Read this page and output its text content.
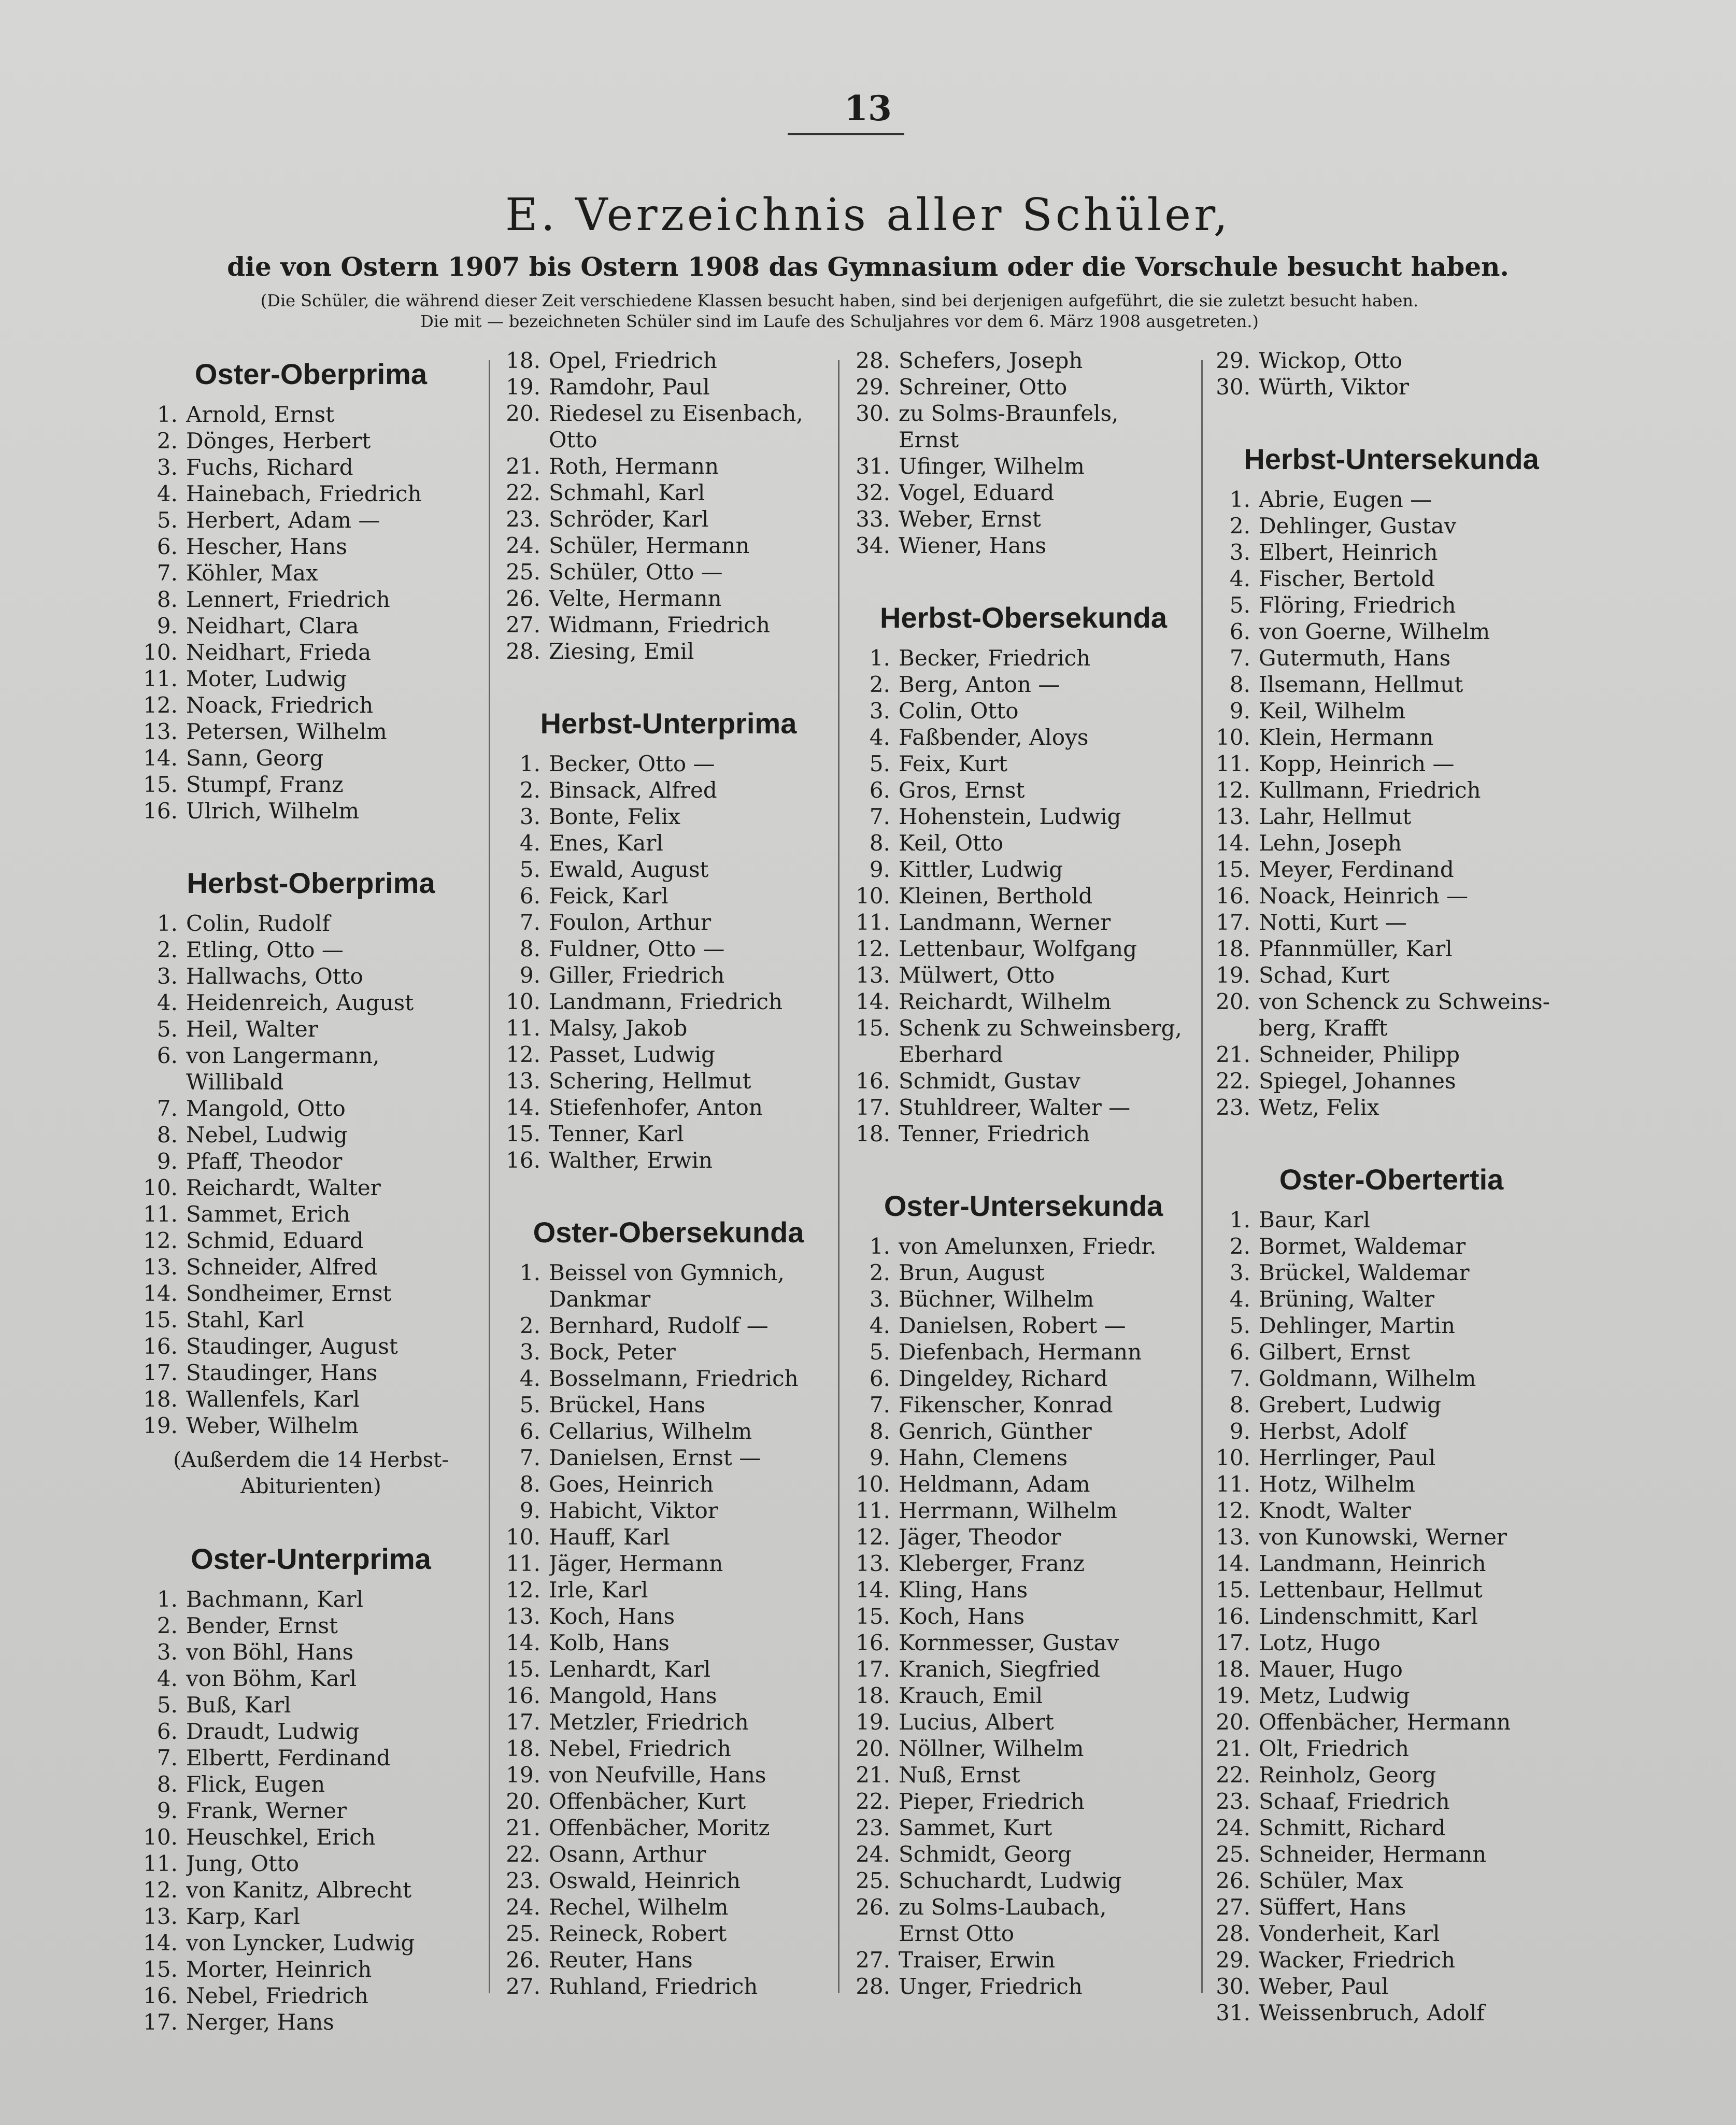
13
E. Verzeichnis aller Schüler,
die von Ostern 1907 bis Ostern 1908 das Gymnasium oder die Vorschule besucht haben.
(Die Schüler, die während dieser Zeit verschiedene Klassen besucht haben, sind bei derjenigen aufgeführt, die sie zuletzt besucht haben.
Die mit — bezeichneten Schüler sind im Laufe des Schuljahres vor dem 6. März 1908 ausgetreten.)
Oster-Oberprima
1. Arnold, Ernst
2. Dönges, Herbert
3. Fuchs, Richard
4. Hainebach, Friedrich
5. Herbert, Adam —
6. Hescher, Hans
7. Köhler, Max
8. Lennert, Friedrich
9. Neidhart, Clara
10. Neidhart, Frieda
11. Moter, Ludwig
12. Noack, Friedrich
13. Petersen, Wilhelm
14. Sann, Georg
15. Stumpf, Franz
16. Ulrich, Wilhelm
Herbst-Oberprima
1. Colin, Rudolf
2. Etling, Otto —
3. Hallwachs, Otto
4. Heidenreich, August
5. Heil, Walter
6. von Langermann,
Willibald
7. Mangold, Otto
8. Nebel, Ludwig
9. Pfaff, Theodor
10. Reichardt, Walter
11. Sammet, Erich
12. Schmid, Eduard
13. Schneider, Alfred
14. Sondheimer, Ernst
15. Stahl, Karl
16. Staudinger, August
17. Staudinger, Hans
18. Wallenfels, Karl
19. Weber, Wilhelm
(Außerdem die 14 Herbst-
Abiturienten)
Oster-Unterprima
1. Bachmann, Karl
2. Bender, Ernst
3. von Böhl, Hans
4. von Böhm, Karl
5. Buß, Karl
6. Draudt, Ludwig
7. Elbertt, Ferdinand
8. Flick, Eugen
9. Frank, Werner
10. Heuschkel, Erich
11. Jung, Otto
12. von Kanitz, Albrecht
13. Karp, Karl
14. von Lyncker, Ludwig
15. Morter, Heinrich
16. Nebel, Friedrich
17. Nerger, Hans
18. Opel, Friedrich
19. Ramdohr, Paul
20. Riedesel zu Eisenbach,
Otto
21. Roth, Hermann
22. Schmahl, Karl
23. Schröder, Karl
24. Schüler, Hermann
25. Schüler, Otto —
26. Velte, Hermann
27. Widmann, Friedrich
28. Ziesing, Emil
Herbst-Unterprima
1. Becker, Otto —
2. Binsack, Alfred
3. Bonte, Felix
4. Enes, Karl
5. Ewald, August
6. Feick, Karl
7. Foulon, Arthur
8. Fuldner, Otto —
9. Giller, Friedrich
10. Landmann, Friedrich
11. Malsy, Jakob
12. Passet, Ludwig
13. Schering, Hellmut
14. Stiefenhofer, Anton
15. Tenner, Karl
16. Walther, Erwin
Oster-Obersekunda
1. Beissel von Gymnich,
Dankmar
2. Bernhard, Rudolf —
3. Bock, Peter
4. Bosselmann, Friedrich
5. Brückel, Hans
6. Cellarius, Wilhelm
7. Danielsen, Ernst —
8. Goes, Heinrich
9. Habicht, Viktor
10. Hauff, Karl
11. Jäger, Hermann
12. Irle, Karl
13. Koch, Hans
14. Kolb, Hans
15. Lenhardt, Karl
16. Mangold, Hans
17. Metzler, Friedrich
18. Nebel, Friedrich
19. von Neufville, Hans
20. Offenbächer, Kurt
21. Offenbächer, Moritz
22. Osann, Arthur
23. Oswald, Heinrich
24. Rechel, Wilhelm
25. Reineck, Robert
26. Reuter, Hans
27. Ruhland, Friedrich
28. Schefers, Joseph
29. Schreiner, Otto
30. zu Solms-Braunfels,
Ernst
31. Ufinger, Wilhelm
32. Vogel, Eduard
33. Weber, Ernst
34. Wiener, Hans
Herbst-Obersekunda
1. Becker, Friedrich
2. Berg, Anton —
3. Colin, Otto
4. Faßbender, Aloys
5. Feix, Kurt
6. Gros, Ernst
7. Hohenstein, Ludwig
8. Keil, Otto
9. Kittler, Ludwig
10. Kleinen, Berthold
11. Landmann, Werner
12. Lettenbaur, Wolfgang
13. Mülwert, Otto
14. Reichardt, Wilhelm
15. Schenk zu Schweinsberg,
Eberhard
16. Schmidt, Gustav
17. Stuhldreer, Walter —
18. Tenner, Friedrich
Oster-Untersekunda
1. von Amelunxen, Friedr.
2. Brun, August
3. Büchner, Wilhelm
4. Danielsen, Robert —
5. Diefenbach, Hermann
6. Dingeldey, Richard
7. Fikenscher, Konrad
8. Genrich, Günther
9. Hahn, Clemens
10. Heldmann, Adam
11. Herrmann, Wilhelm
12. Jäger, Theodor
13. Kleberger, Franz
14. Kling, Hans
15. Koch, Hans
16. Kornmesser, Gustav
17. Kranich, Siegfried
18. Krauch, Emil
19. Lucius, Albert
20. Nöllner, Wilhelm
21. Nuß, Ernst
22. Pieper, Friedrich
23. Sammet, Kurt
24. Schmidt, Georg
25. Schuchardt, Ludwig
26. zu Solms-Laubach,
Ernst Otto
27. Traiser, Erwin
28. Unger, Friedrich
29. Wickop, Otto
30. Würth, Viktor
Herbst-Untersekunda
1. Abrie, Eugen —
2. Dehlinger, Gustav
3. Elbert, Heinrich
4. Fischer, Bertold
5. Flöring, Friedrich
6. von Goerne, Wilhelm
7. Gutermuth, Hans
8. Ilsemann, Hellmut
9. Keil, Wilhelm
10. Klein, Hermann
11. Kopp, Heinrich —
12. Kullmann, Friedrich
13. Lahr, Hellmut
14. Lehn, Joseph
15. Meyer, Ferdinand
16. Noack, Heinrich —
17. Notti, Kurt —
18. Pfannmüller, Karl
19. Schad, Kurt
20. von Schenck zu Schweins-
berg, Krafft
21. Schneider, Philipp
22. Spiegel, Johannes
23. Wetz, Felix
Oster-Obertertia
1. Baur, Karl
2. Bormet, Waldemar
3. Brückel, Waldemar
4. Brüning, Walter
5. Dehlinger, Martin
6. Gilbert, Ernst
7. Goldmann, Wilhelm
8. Grebert, Ludwig
9. Herbst, Adolf
10. Herrlinger, Paul
11. Hotz, Wilhelm
12. Knodt, Walter
13. von Kunowski, Werner
14. Landmann, Heinrich
15. Lettenbaur, Hellmut
16. Lindenschmitt, Karl
17. Lotz, Hugo
18. Mauer, Hugo
19. Metz, Ludwig
20. Offenbächer, Hermann
21. Olt, Friedrich
22. Reinholz, Georg
23. Schaaf, Friedrich
24. Schmitt, Richard
25. Schneider, Hermann
26. Schüler, Max
27. Süffert, Hans
28. Vonderheit, Karl
29. Wacker, Friedrich
30. Weber, Paul
31. Weissenbruch, Adolf
